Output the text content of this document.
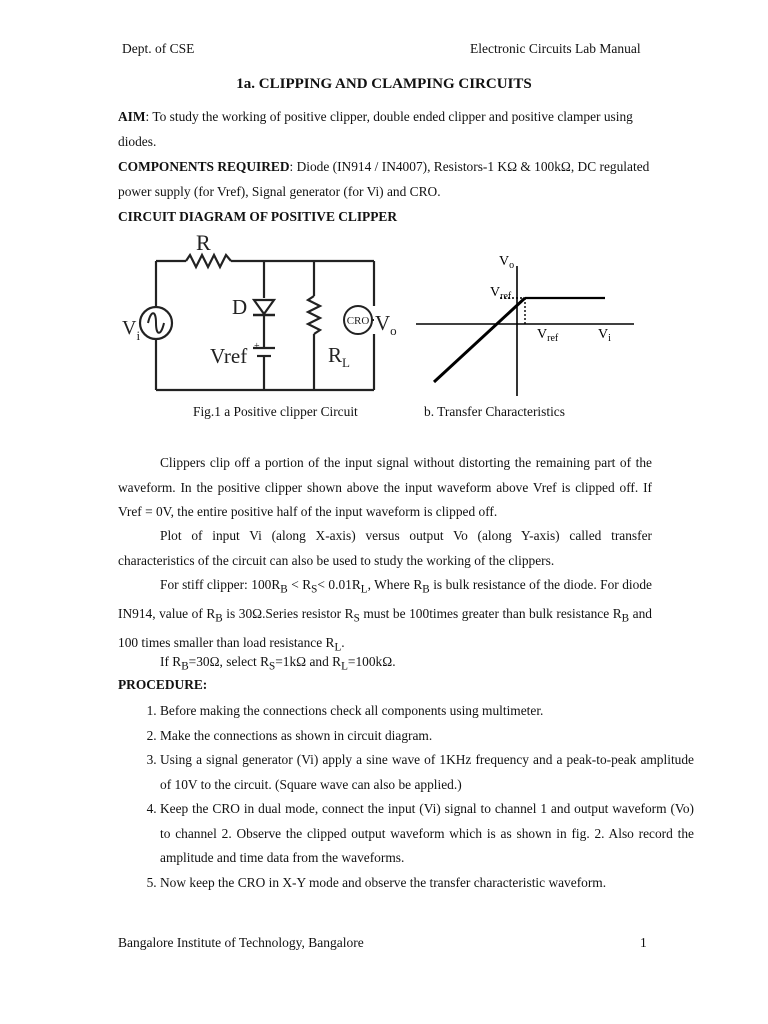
Dept. of CSE	Electronic Circuits Lab Manual
1a. CLIPPING AND CLAMPING CIRCUITS
AIM: To study the working of positive clipper, double ended clipper and positive clamper using diodes.
COMPONENTS REQUIRED: Diode (IN914 / IN4007), Resistors-1 KΩ & 100kΩ, DC regulated power supply (for Vref), Signal generator (for Vi) and CRO.
CIRCUIT DIAGRAM OF POSITIVE CLIPPER
CRO
R
D
$V_i$
Vref +	$R_L$
$V_o$
$V_o$
$V_{ref}$
$V_{ref}$	$V_i$
Fig.1 a Positive clipper Circuit	b. Transfer Characteristics
Clippers clip off a portion of the input signal without distorting the remaining part of the waveform. In the positive clipper shown above the input waveform above Vref is clipped off. If Vref = 0V, the entire positive half of the input waveform is clipped off.
Plot of input Vi (along X-axis) versus output Vo (along Y-axis) called transfer characteristics of the circuit can also be used to study the working of the clippers.
For stiff clipper: $100R_B < R_S< 0.01R_L$, Where $R_B$ is bulk resistance of the diode. For diode IN914, value of $R_B$ is 30Ω.Series resistor $R_S$ must be 100times greater than bulk resistance $R_B$ and 100 times smaller than load resistance $R_L$.
If $R_B=30\Omega$, select $R_S=1k\Omega$ and $R_L=100k\Omega$.
PROCEDURE:
1. Before making the connections check all components using multimeter.
2. Make the connections as shown in circuit diagram.
3. Using a signal generator (Vi) apply a sine wave of 1KHz frequency and a peak-to-peak amplitude of 10V to the circuit. (Square wave can also be applied.)
4. Keep the CRO in dual mode, connect the input (Vi) signal to channel 1 and output waveform (Vo) to channel 2. Observe the clipped output waveform which is as shown in fig. 2. Also record the amplitude and time data from the waveforms.
5. Now keep the CRO in X-Y mode and observe the transfer characteristic waveform.
Bangalore Institute of Technology, Bangalore	1
